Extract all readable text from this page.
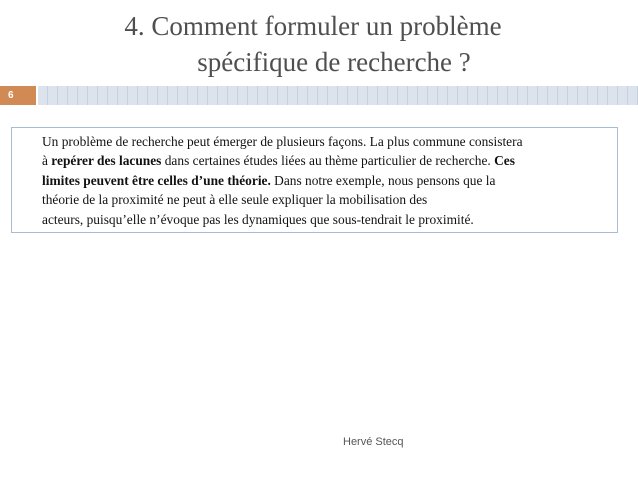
4. Comment formuler un problème
spécifique de recherche ?
6
Un problème de recherche peut émerger de plusieurs façons. La plus commune consistera
à repérer des lacunes dans certaines études liées au thème particulier de recherche. Ces
limites peuvent être celles d’une théorie. Dans notre exemple, nous pensons que la
théorie de la proximité ne peut à elle seule expliquer la mobilisation des
acteurs, puisqu’elle n’évoque pas les dynamiques que sous-tendrait le proximité.
Hervé Stecq
